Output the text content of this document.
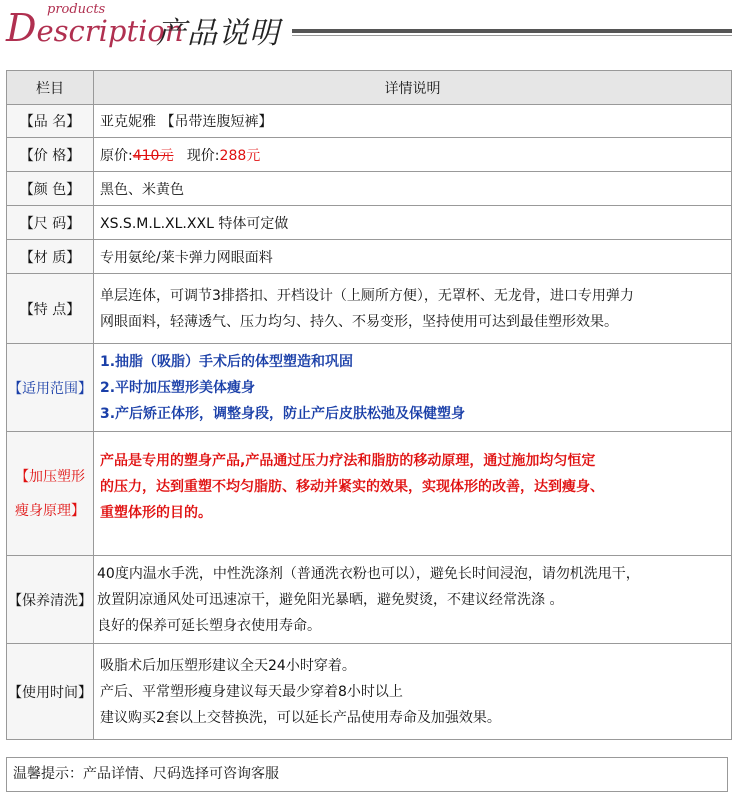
Description
products
产品说明
栏目	详情说明
【品 名】	亚克妮雅 【吊带连腹短裤】
【价 格】	原价:410元 现价:288元
【颜 色】	黑色、米黄色
【尺 码】	XS.S.M.L.XL.XXL 特体可定做
【材 质】	专用氨纶/莱卡弹力网眼面料
【特 点】	单层连体，可调节3排搭扣、开档设计（上厕所方便），无罩杯、无龙骨，进口专用弹力
网眼面料，轻薄透气、压力均匀、持久、不易变形，坚持使用可达到最佳塑形效果。

【适用范围】	1.抽脂（吸脂）手术后的体型塑造和巩固
2.平时加压塑形美体瘦身
3.产后矫正体形，调整身段，防止产后皮肤松弛及保健塑身

【加压塑形
瘦身原理】	产品是专用的塑身产品,产品通过压力疗法和脂肪的移动原理，通过施加均匀恒定
的压力，达到重塑不均匀脂肪、移动并紧实的效果，实现体形的改善，达到瘦身、
重塑体形的目的。

【保养清洗】	40度内温水手洗，中性洗涤剂（普通洗衣粉也可以），避免长时间浸泡，请勿机洗甩干，
放置阴凉通风处可迅速凉干，避免阳光暴晒，避免熨烫，不建议经常洗涤 。
良好的保养可延长塑身衣使用寿命。

【使用时间】	吸脂术后加压塑形建议全天24小时穿着。
产后、平常塑形瘦身建议每天最少穿着8小时以上
建议购买2套以上交替换洗，可以延长产品使用寿命及加强效果。
温馨提示：产品详情、尺码选择可咨询客服
